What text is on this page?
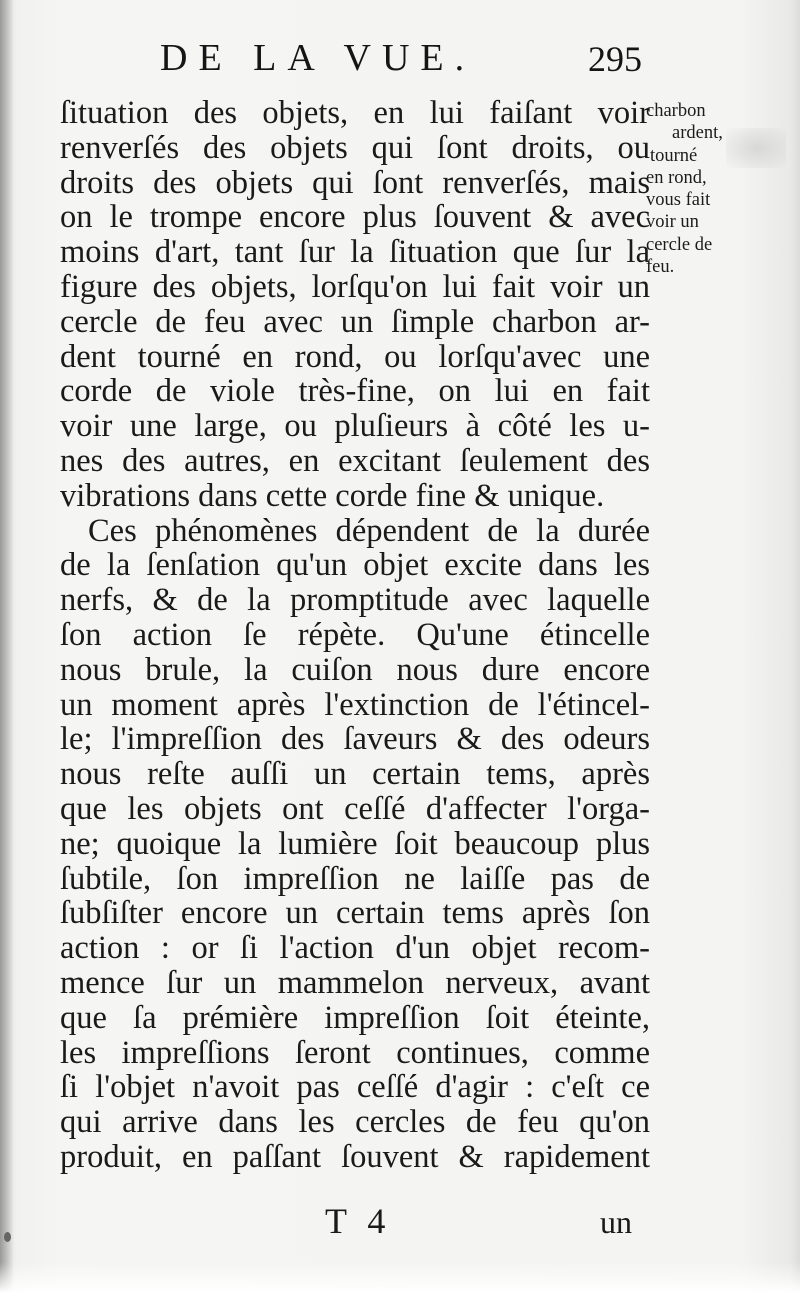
DE LA VUE.	295
ſituation des objets, en lui faiſant voir
renverſés des objets qui ſont droits, ou
droits des objets qui ſont renverſés, mais
on le trompe encore plus ſouvent & avec
moins d'art, tant ſur la ſituation que ſur la
figure des objets, lorſqu'on lui fait voir un
cercle de feu avec un ſimple charbon ar-
dent tourné en rond, ou lorſqu'avec une
corde de viole très-fine, on lui en fait
voir une large, ou pluſieurs à côté les u-
nes des autres, en excitant ſeulement des
vibrations dans cette corde fine & unique.
Ces phénomènes dépendent de la durée
de la ſenſation qu'un objet excite dans les
nerfs, & de la promptitude avec laquelle
ſon action ſe répète. Qu'une étincelle
nous brule, la cuiſon nous dure encore
un moment après l'extinction de l'étincel-
le; l'impreſſion des ſaveurs & des odeurs
nous reſte auſſi un certain tems, après
que les objets ont ceſſé d'affecter l'orga-
ne; quoique la lumière ſoit beaucoup plus
ſubtile, ſon impreſſion ne laiſſe pas de
ſubſiſter encore un certain tems après ſon
action : or ſi l'action d'un objet recom-
mence ſur un mammelon nerveux, avant
que ſa prémière impreſſion ſoit éteinte,
les impreſſions ſeront continues, comme
ſi l'objet n'avoit pas ceſſé d'agir : c'eſt ce
qui arrive dans les cercles de feu qu'on
produit, en paſſant ſouvent & rapidement
charbon
ardent,
tourné
en rond,
vous fait
voir un
cercle de
feu.
T 4	un
